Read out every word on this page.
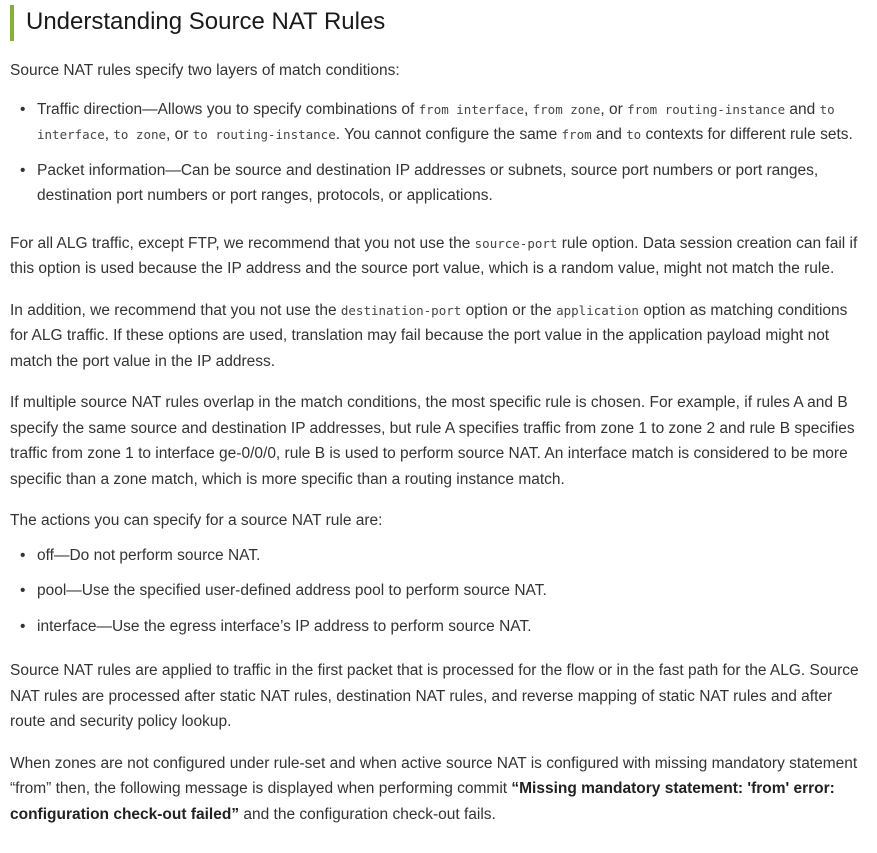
Understanding Source NAT Rules

Source NAT rules specify two layers of match conditions:

• Traffic direction—Allows you to specify combinations of from interface, from zone, or from routing-instance and to interface, to zone, or to routing-instance. You cannot configure the same from and to contexts for different rule sets.
• Packet information—Can be source and destination IP addresses or subnets, source port numbers or port ranges, destination port numbers or port ranges, protocols, or applications.

For all ALG traffic, except FTP, we recommend that you not use the source-port rule option. Data session creation can fail if this option is used because the IP address and the source port value, which is a random value, might not match the rule.

In addition, we recommend that you not use the destination-port option or the application option as matching conditions for ALG traffic. If these options are used, translation may fail because the port value in the application payload might not match the port value in the IP address.

If multiple source NAT rules overlap in the match conditions, the most specific rule is chosen. For example, if rules A and B specify the same source and destination IP addresses, but rule A specifies traffic from zone 1 to zone 2 and rule B specifies traffic from zone 1 to interface ge-0/0/0, rule B is used to perform source NAT. An interface match is considered to be more specific than a zone match, which is more specific than a routing instance match.

The actions you can specify for a source NAT rule are:

• off—Do not perform source NAT.
• pool—Use the specified user-defined address pool to perform source NAT.
• interface—Use the egress interface’s IP address to perform source NAT.

Source NAT rules are applied to traffic in the first packet that is processed for the flow or in the fast path for the ALG. Source NAT rules are processed after static NAT rules, destination NAT rules, and reverse mapping of static NAT rules and after route and security policy lookup.

When zones are not configured under rule-set and when active source NAT is configured with missing mandatory statement “from” then, the following message is displayed when performing commit “Missing mandatory statement: 'from' error: configuration check-out failed” and the configuration check-out fails.
